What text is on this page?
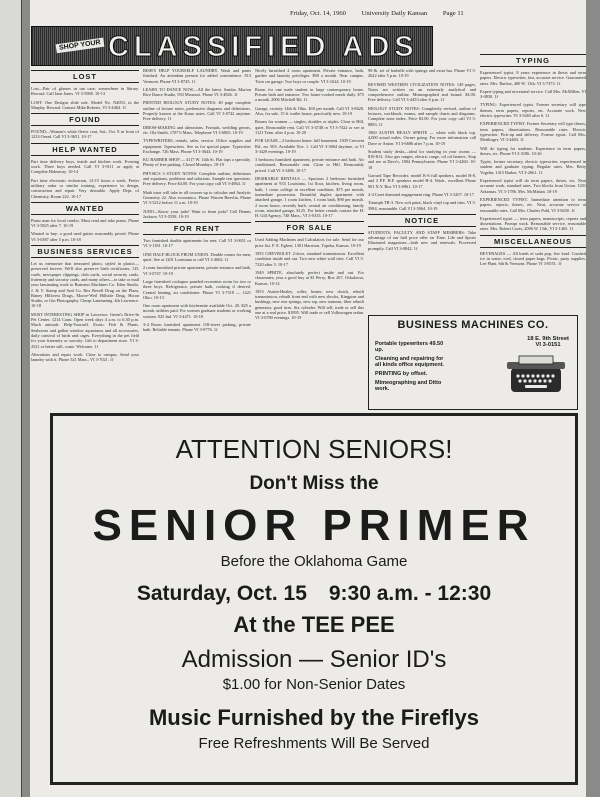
Friday, Oct. 14, 1960 University Daily Kansan Page 11
SHOP YOUR CLASSIFIED ADS
LOST
Lost—Pair of glasses in tan case, somewhere in library. Reward. Call Jane Jones. VI 3-5980. 10-13
LOST: One Designs slide rule. Model No. N4053, in the Murphy. Reward. Contact Mike Roberts, VI 3-4464. 1f
FOUND
FOUND—Woman's white fleece coat, Sat., Oct. 8 in front of 1233 Oread. Call VI 3-3651. 10-17
HELP WANTED
Part time delivery boys, inside and kitchen work. Evening work. Three boys needed. Call VI 3-9111 or apply at Complete Hideaway. 10-14
Part time electronic technician, 12-15 hours a week. Prefer military radar or similar training, experience in design, construction and repair. Very desirable. Apply Dept. of Chemistry, Room 222. 10-17
WANTED
Piano man for local combo. Must read and take piano. Phone VI 3-5825 after 7. 10-19
Wanted to buy: a good used guitar reasonably priced. Phone VI 3-0387 after 5 p.m. 10-18
BUSINESS SERVICES
Let us memorize that treasured photo, styled in plastic—preserved forever. We'll also preserve birth certificates, I.D. cards, newspaper clippings, club cards, social security cards, fraternity and sorority cards, and many others—to take or mail your laminating work to Business Machines Co. Eden Studio, J. & V. Stamp and Seal Co. Rex Revell Drug on the Plaza, Rimey Hillcrest Drugs, Moore-Weil Hillside Drug, Hixon Studio, or Gin Photography. Cheap Laminating. 4th Lawrence. 10-18
MOST INTERESTING SHOP in Lawrence. Green's Drive-In Pet Center. 1214 Conn. Open week days 4 a.m. to 6.30 p.m. Much animals. Help-Yourself. Exotic Fish & Plants. Seahorses and gallon window aquariums and all accessories, daily carnival of birds and cages. Everything in the pet field for your fraternity or sorority. Gift to department store. VI 3-2521 or better still, come. Welcome. 1f
Alterations and repair work. Close to campus. Send your laundry with it. Phone 521 Mass., VI 3-7021. 1f
BISH'S HELP YOURSELF LAUNDRY. Wash and pants finished. An attendant present for added convenience. 813 Vermont. Phone VI 3-8745. 1f
LEARN TO DANCE NOW—All the latest. Samba. Marion Rice Dance Studio, 933 Missouri. Phone VI 3-4826. 1f
PRINTED BIOLOGY STUDY NOTES: 40 page complete outline of lecture notes, prehensive diagrams and definitions. Properly known at the Kuno notes. Call VI 3-0742 anytime. Free delivery. 1f
DRESS-MAKING and alterations. Formals, wedding gowns, etc. Ola Smith, 1707½ Mass. Telephone VI 3-6865. 10-19
TYPEWRITERS, rentals, sales, service. Office supplies and equipment. Typewriters. See us for special paper. Typewriter Exchange. 726 Mass. Phone VI 3-3644. 10-19
KU BARBER SHOP — 4117 W. 14th St. Flat tops a specialty. Plenty of free parking. Closed Mondays. 10-19
PHYSICS 3 STUDY NOTES: Complete outline, definitions and equations, problems and solutions. Sample test questions. Free delivery. Price $4.00. For your copy call VI 3-4864. 1f
Math tutor will take in all courses up to calculus and Analytic Geometry 22. Also economics. Phone Warren Beavlin. Phone VI 3-5212 before 11 a.m. 10-19
JUDO—Know your judo! Want to learn judo? Call Dennis Jackson. VI 3-5558. 10-19
FOR RENT
Two furnished double apartments for rent. Call VI 3-0651 or VI 3-1181. 10-17
ONE HALF BLOCK FROM UNION. Double rooms for men, quiet. See at 1201 Louisiana or call VI 3-4602. 1f
2 room furnished private apartment, private entrance and bath. VI 3-0747. 10-19
Large furnished cockapoo paneled recreation room for two or three boys. Refrigerator, private bath, cooking if desired. Central heating, air conditioner. Phone VI 3-7318 — 1421 Ohio. 10-13
One room apartment with kitchenette available Oct. 20. $25 a month, utilities paid. For women graduate students or working women. 925 Ind. VI 3-4471. 10-18
3-4 Room furnished apartment. Off-street parking, private bath. Reliable tenants. Phone VI 3-9776. 1f
Nicely furnished 4 room apartment. Private entrance, bath, garden and laundry privileges. $90 a month. Near campus. Twin car garage. Two boys or couple. VI 3-1624. 10-19
Room for one male student in large contemporary home. Private bath and entrance. Two home-cooked meals daily. $75 a month. 2006 Mitchell Rd. 1f
Garage, vicinity 14th & Ohio. $10 per month. Call VI 3-8428. Also, for sale, 15 ft. trailer house, practically new. 10-19
Rooms for women — singles, doubles or triples. Close to Hill, quiet. Reasonable rent. Call VI 3-4748 or VI 3-7422 or see at 1121 Tenn. after 4 p.m. 10-20
FOR LEASE—3 bedroom home: full basement. 1309 Crescent Rd., no. 903. Available Nov. 1. Call VI 3-3064 daytime, or VI 3-3429 evenings. 10-19
3 bedroom furnished apartment, private entrance and bath. Air conditioned. Reasonable rent. Close to Hill. Reasonably priced. Call VI 3-3486. 10-17
DESIRABLE RENTALS — Spacious 2 bedroom furnished apartment at 933 Louisiana, 1st floor, kitchen, living room, bath, 1 room college in excellent condition, $75 per month, immediate possession. Beautiful duplex apartment with attached garage, 1 room kitchen, 1 room bath, $90 per month. 2 room house, recently built, central air conditioning, family room, attached garage, $125. For better rentals contact the H. H. Gill Agency, 748 Mass., VI 3-0333. 10-17
FOR SALE
Used Adding Machines and Calculators for sale. Send for our price list. F. E. Egbert, 1301 Harrison, Topeka, Kansas. 10-19
1955 CHEVROLET 2-door, standard transmission. Excellent condition inside and out. Two new white wall tires. Call VI 3-7220 after 5. 10-17
1949 SPRITE, absolutely perfect inside and out. For classmates, year a good buy at $1 Perry, Box 267, Oskaloosa, Kansas. 10-14
1953 Austin-Healey, roller, heater, new clutch, rebuilt transmission, rebuilt front end with new shocks, Kingpins and bushings, new rear springs, new top, new tonneau, fiber rebuilt generator, good tires. Six cylinder. Will sell, trade or sell this one at a real price. $1895. Will trade or sell Volkswagen sedan. VI 3-0780 evenings. 10-19
90-lb. set of barbells with springs and extra bar. Phone VI 3-2622 after 5 p.m. 10-19
REVISED WESTERN CIVILIZATION NOTES: 149 pages. Notes are written on an extremely analytical and comprehensive outline. Mimeographed and bound. $4.00. Free delivery. Call VI 3-4453 after 6 p.m. 1f
BIOLOGY STUDY NOTES: Completely revised, outline of lectures, workbook, exams, and sample charts and diagrams. Complete zone index. Price $3.00. For your copy call VI 3-8883. 1f
1960 AUSTIN HEALY SPRITE — white with black top, 4,000 actual miles. Owner going. For more information call Dave or Anton. VI 3-6686 after 7 p.m. 10-19
Student study desks—ideal for studying in your rooms — $10-$13. Also gas ranges, electric range, oil oil heaters. Stop and see at Dave's, 1804 Pennsylvania. Phone VI 3-4260. 10-18
Garrard Tape Recorder, model K-6 full speakers, model H-8, and 3 P.F. H.F. speakers model H-4. Wash., excellent Phone 901 N.Y. Box VI 3-6961. 10-17
2-4 Caret diamond engagement ring. Phone VI 3-3207. 10-17
Triumph TR-3. New soft paint, black vinyl top and trim. VI 3-3984, reasonable. Call VI 3-5964. 10-19
NOTICE
STUDENTS, FACULTY AND STAFF MEMBERS: Take advantage of our half price offer on Time, Life and Sports Illustrated magazines—both new and renewals. Processed promptly. Call VI 3-0842. 1f
TYPING
Experienced typist. 8 years experience in thesis and term papers. Electric typewriter, fast, accurate service. Guaranteed rates. Mrs. Barlow, 400 W. 13th. VI 3-7373. 1f
Expert typing and secretarial service. Call Mrs. McMillen. VI 3-0830. 1f
TYPING: Experienced typist. Former secretary will type themes, term papers, reports, etc. Accurate work. New electric typewriter. VI 3-5465 after 6. 1f
EXPERIENCED TYPIST. Former Secretary will type theses, term papers, dissertations. Reasonable rates. Electric typewriter. Pick-up and delivery. Former typist. Call Mrs. Mettlinger, VI 3-4484. 1f
Will do typing for students. Experience in term papers, theses, etc. Phone VI 3-3186. 10-26
Typist, former secretary, electric typewriter, experienced in student and graduate typing. Regular rates. Mrs. Betty Vogelin, 1415 Barker. VI 3-2661. 1f
Experienced typist will do term papers, theses, etc. Neat accurate work, standard rates. Two blocks from Union. 1201 Arkansas. VI 3-1786. Mrs. McMahan. 10-19
EXPERIENCED TYPIST. Immediate attention to term papers, reports, theses, etc. Neat, accurate service at reasonable rates. Call Mrs. Charles Pohl, VI 3-8430. 1f
Experienced typist — term papers, manuscripts, reports and dissertations. Prompt work. Reasonable service, reasonable rates. Mrs. Robert Coots, 2006 W. 15th, VI 3-1465. 1f
MISCELLANEOUS
BEVERAGES — All kinds of soda pop, few kind. Crushed ice in water, iced, closed paper bags. Picnic, party supplies. Lee Plant. 6th & Vermont. Phone VI 3-8551. 1f
BUSINESS MACHINES CO.
18 E. 9th Street
VI 3-0151
Portable typewriters 49.50
up.
Cleaning and repairing for
all kinds office equipment.
PRINTING by offset.
Mimeographing and Ditto
work.
ATTENTION SENIORS!
Don't Miss the
SENIOR PRIMER
Before the Oklahoma Game
Saturday, Oct. 15 9:30 a.m. - 12:30
At the TEE PEE
Admission — Senior ID's
$1.00 for Non-Senior Dates
Music Furnished by the Fireflys
Free Refreshments Will Be Served
